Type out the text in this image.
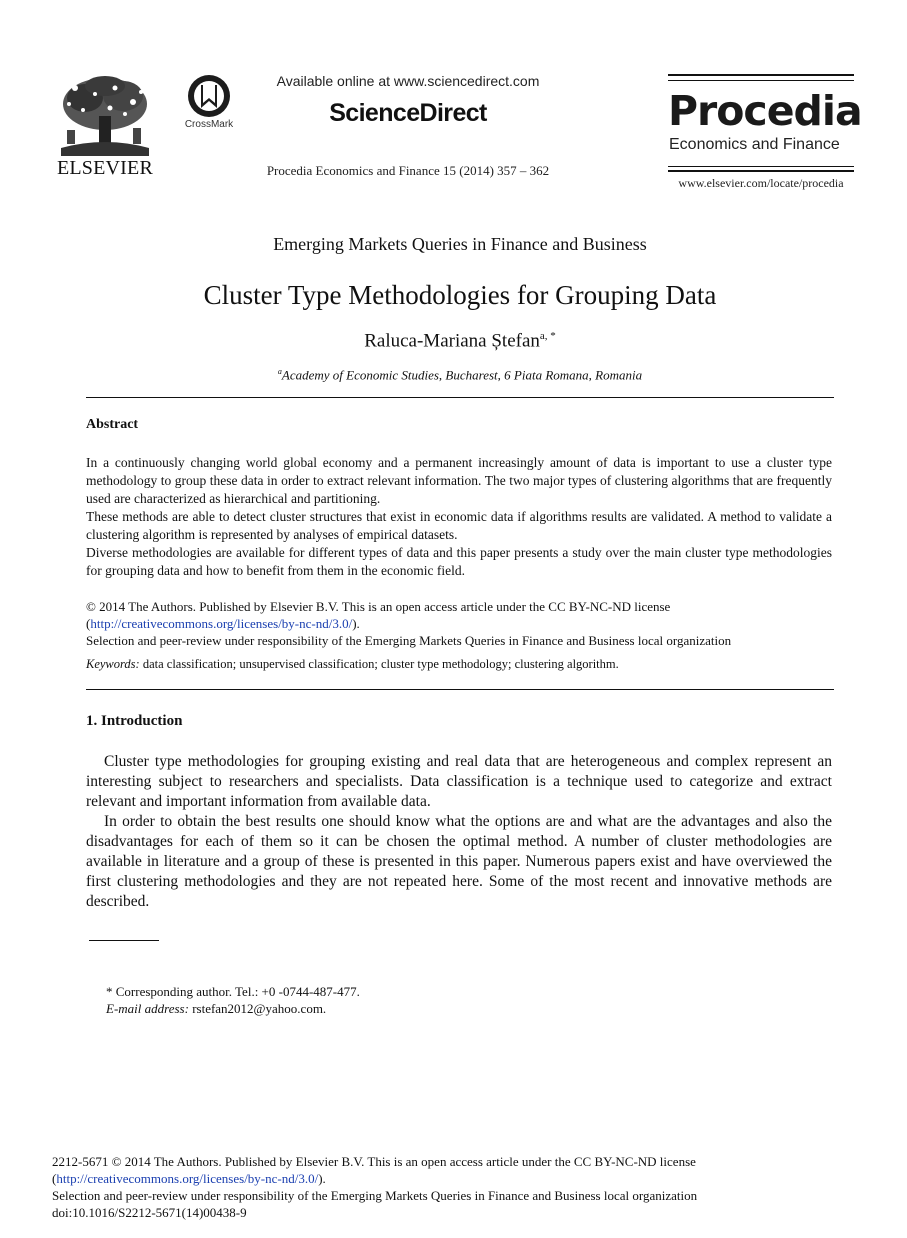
ELSEVIER
CrossMark
Available online at www.sciencedirect.com
ScienceDirect
Procedia Economics and Finance 15 (2014) 357 – 362
Procedia
Economics and Finance
www.elsevier.com/locate/procedia
Emerging Markets Queries in Finance and Business
Cluster Type Methodologies for Grouping Data
Raluca-Mariana Ștefan$^{a, *}$
$^a$Academy of Economic Studies, Bucharest, 6 Piata Romana, Romania
Abstract

In a continuously changing world global economy and a permanent increasingly amount of data is important to use a cluster type methodology to group these data in order to extract relevant information. The two major types of clustering algorithms that are frequently used are characterized as hierarchical and partitioning.

These methods are able to detect cluster structures that exist in economic data if algorithms results are validated. A method to validate a clustering algorithm is represented by analyses of empirical datasets.

Diverse methodologies are available for different types of data and this paper presents a study over the main cluster type methodologies for grouping data and how to benefit from them in the economic field.

© 2014 The Authors. Published by Elsevier B.V. This is an open access article under the CC BY-NC-ND license

(http://creativecommons.org/licenses/by-nc-nd/3.0/).

Selection and peer-review under responsibility of the Emerging Markets Queries in Finance and Business local organization

Keywords: data classification; unsupervised classification; cluster type methodology; clustering algorithm.
1. Introduction

Cluster type methodologies for grouping existing and real data that are heterogeneous and complex represent an interesting subject to researchers and specialists. Data classification is a technique used to categorize and extract relevant and important information from available data.

In order to obtain the best results one should know what the options are and what are the advantages and also the disadvantages for each of them so it can be chosen the optimal method. A number of cluster methodologies are available in literature and a group of these is presented in this paper. Numerous papers exist and have overviewed the first clustering methodologies and they are not repeated here. Some of the most recent and innovative methods are described.

* Corresponding author. Tel.: +0 -0744-487-477.

E-mail address: rstefan2012@yahoo.com.

2212-5671 © 2014 The Authors. Published by Elsevier B.V. This is an open access article under the CC BY-NC-ND license

(http://creativecommons.org/licenses/by-nc-nd/3.0/).

Selection and peer-review under responsibility of the Emerging Markets Queries in Finance and Business local organization

doi:10.1016/S2212-5671(14)00438-9
